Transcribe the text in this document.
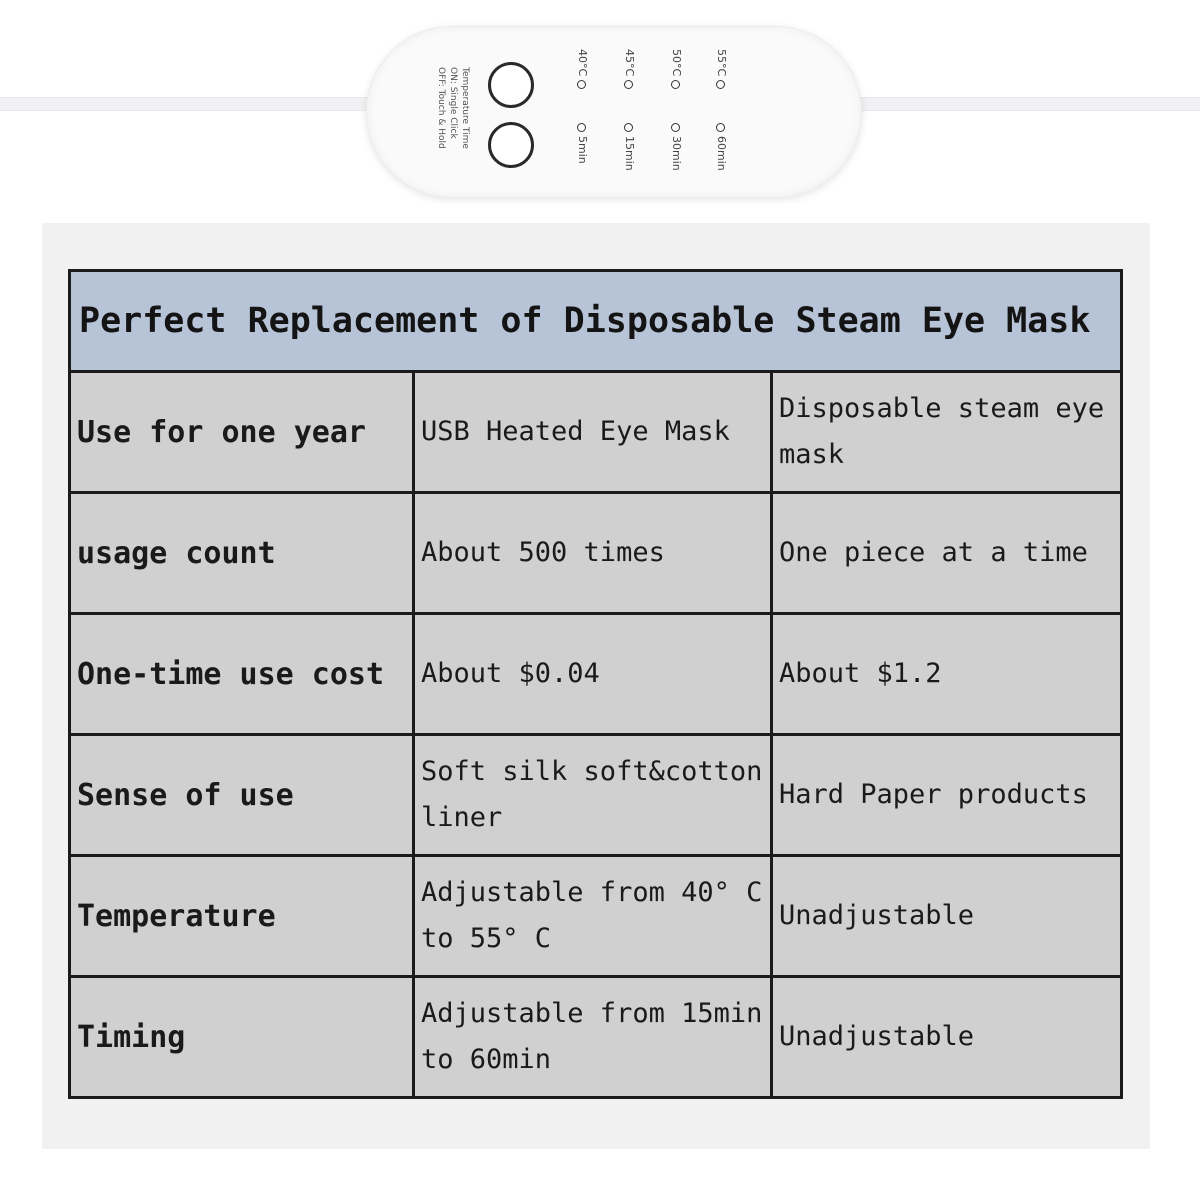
Temperature Time
ON: Single Click
OFF: Touch & Hold
55°C
50°C
45°C
40°C
60min
30min
15min
5min
Perfect Replacement of Disposable Steam Eye Mask		
Use for one year	USB Heated Eye Mask	Disposable steam eye mask
usage count	About 500 times	One piece at a time
One-time use cost	About $0.04	About $1.2
Sense of use	Soft silk soft&cotton liner	Hard Paper products
Temperature	Adjustable from 40° C to 55° C	Unadjustable
Timing	Adjustable from 15min to 60min	Unadjustable
